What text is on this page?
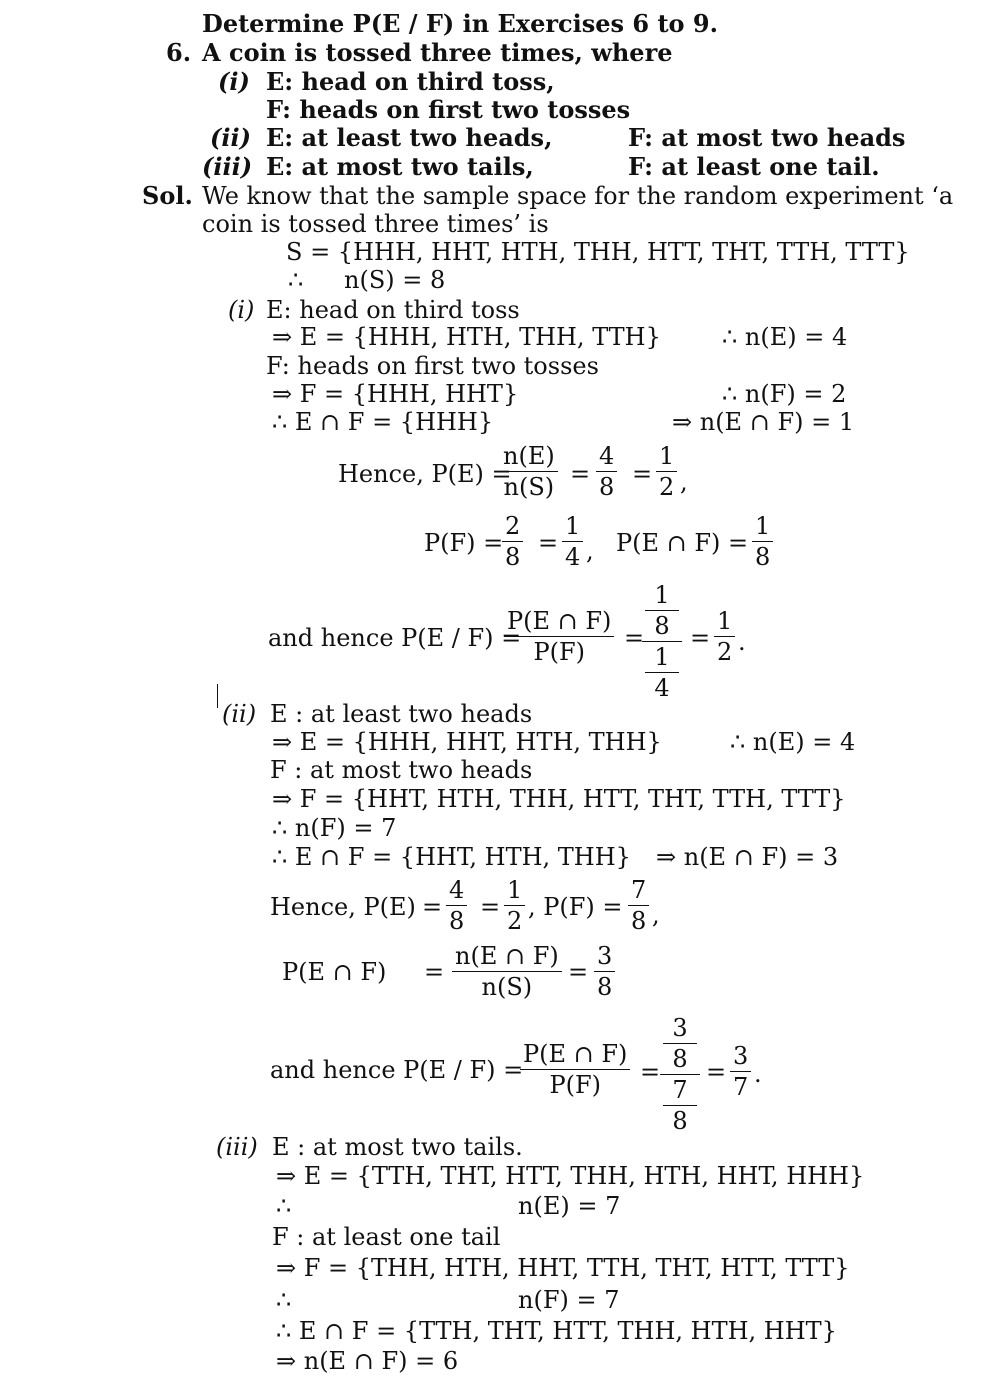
Determine P(E / F) in Exercises 6 to 9.
6. A coin is tossed three times, where
(i) E: head on third toss,
F: heads on first two tosses
(ii) E: at least two heads,	F: at most two heads
(iii) E: at most two tails,	F: at least one tail.
Sol. We know that the sample space for the random experiment ‘a
coin is tossed three times’ is
S = {HHH, HHT, HTH, THH, HTT, THT, TTH, TTT}
∴ n(S) = 8
(i) E: head on third toss
⇒ E = {HHH, HTH, THH, TTH}	∴ n(E) = 4
F: heads on first two tosses
⇒ F = {HHH, HHT}	∴ n(F) = 2
∴ E ∩ F = {HHH}	⇒ n(E ∩ F) = 1
Hence, P(E) =
n(E)
n(S) =
4
8 =
1
2 ,
P(F) =
2
8 =
1
4 , P(E ∩ F) =
1
8
and hence P(E / F) =
P(E ∩ F)
P(F) =
1
8
1
4
=
1
2 .
(ii) E : at least two heads
⇒ E = {HHH, HHT, HTH, THH}	∴ n(E) = 4
F : at most two heads
⇒ F = {HHT, HTH, THH, HTT, THT, TTH, TTT}
∴ n(F) = 7
∴ E ∩ F = {HHT, HTH, THH} ⇒ n(E ∩ F) = 3
Hence, P(E) =
4
8 =
1
2 , P(F) =
7
8 ,
P(E ∩ F) =
n(E ∩ F)
n(S)
=
3
8
and hence P(E / F) =
P(E ∩ F)
P(F) =
3
8
7
8
=
3
7 .
(iii) E : at most two tails.
⇒ E = {TTH, THT, HTT, THH, HTH, HHT, HHH}
∴	n(E) = 7
F : at least one tail
⇒ F = {THH, HTH, HHT, TTH, THT, HTT, TTT}
∴	n(F) = 7
∴ E ∩ F = {TTH, THT, HTT, THH, HTH, HHT}
⇒ n(E ∩ F) = 6
